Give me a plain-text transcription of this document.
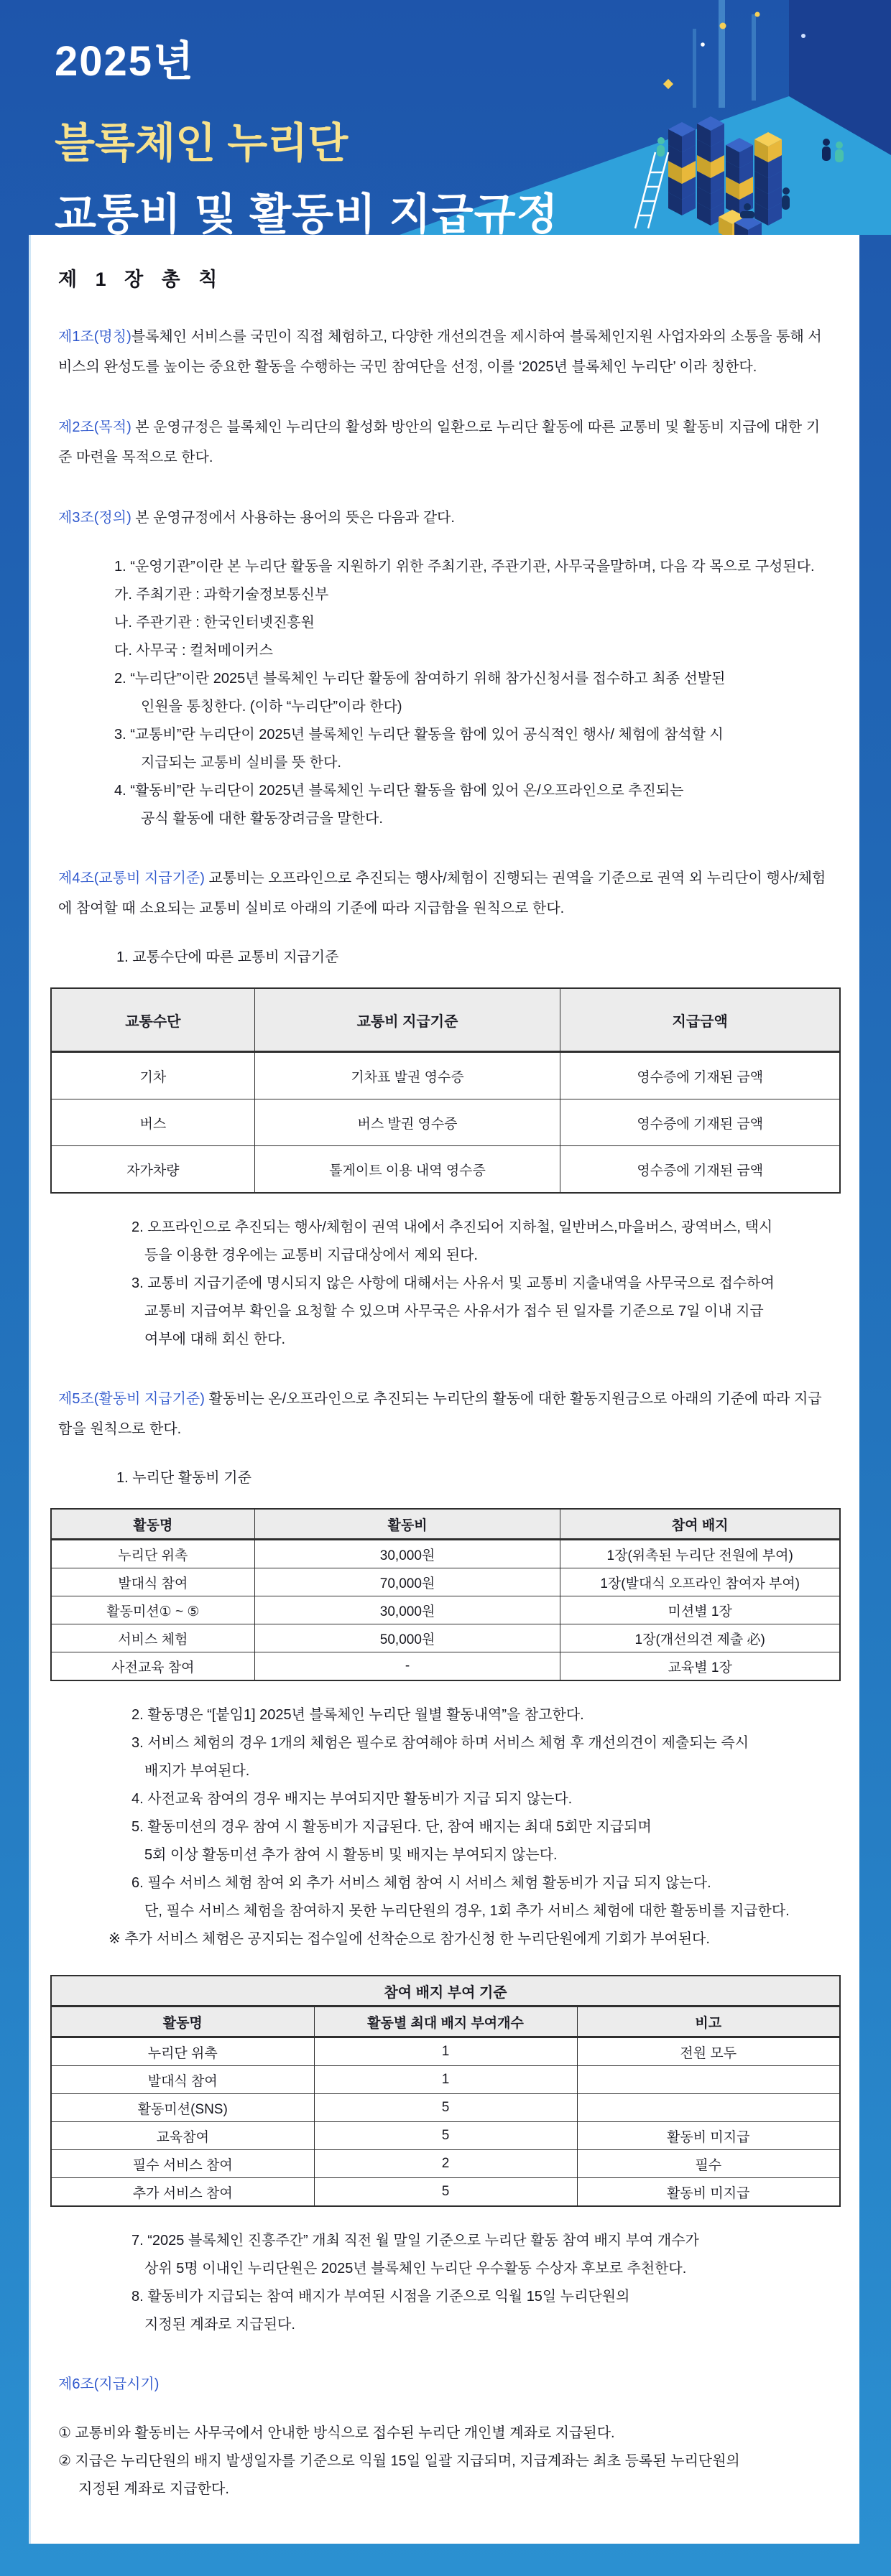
2025년
블록체인 누리단
교통비 및 활동비 지급규정
제 1 장 총 칙
제1조(명칭)블록체인 서비스를 국민이 직접 체험하고, 다양한 개선의견을 제시하여 블록체인지원 사업자와의 소통을 통해 서비스의 완성도를 높이는 중요한 활동을 수행하는 국민 참여단을 선정, 이를 ‘2025년 블록체인 누리단’ 이라 칭한다.
제2조(목적) 본 운영규정은 블록체인 누리단의 활성화 방안의 일환으로 누리단 활동에 따른 교통비 및 활동비 지급에 대한 기준 마련을 목적으로 한다.
제3조(정의) 본 운영규정에서 사용하는 용어의 뜻은 다음과 같다.
1. “운영기관”이란 본 누리단 활동을 지원하기 위한 주최기관, 주관기관, 사무국을말하며, 다음 각 목으로 구성된다.
가. 주최기관 : 과학기술정보통신부
나. 주관기관 : 한국인터넷진흥원
다. 사무국 : 컬처메이커스
2. “누리단”이란 2025년 블록체인 누리단 활동에 참여하기 위해 참가신청서를 접수하고 최종 선발된
인원을 통칭한다. (이하 “누리단”이라 한다)
3. “교통비”란 누리단이 2025년 블록체인 누리단 활동을 함에 있어 공식적인 행사/ 체험에 참석할 시
지급되는 교통비 실비를 뜻 한다.
4. “활동비”란 누리단이 2025년 블록체인 누리단 활동을 함에 있어 온/오프라인으로 추진되는
공식 활동에 대한 활동장려금을 말한다.
제4조(교통비 지급기준) 교통비는 오프라인으로 추진되는 행사/체험이 진행되는 권역을 기준으로 권역 외 누리단이 행사/체험에 참여할 때 소요되는 교통비 실비로 아래의 기준에 따라 지급함을 원칙으로 한다.
1. 교통수단에 따른 교통비 지급기준
교통수단	교통비 지급기준	지급금액
기차	기차표 발권 영수증	영수증에 기재된 금액
버스	버스 발권 영수증	영수증에 기재된 금액
자가차량	톨게이트 이용 내역 영수증	영수증에 기재된 금액
2. 오프라인으로 추진되는 행사/체험이 권역 내에서 추진되어 지하철, 일반버스,마을버스, 광역버스, 택시
등을 이용한 경우에는 교통비 지급대상에서 제외 된다.
3. 교통비 지급기준에 명시되지 않은 사항에 대해서는 사유서 및 교통비 지출내역을 사무국으로 접수하여
교통비 지급여부 확인을 요청할 수 있으며 사무국은 사유서가 접수 된 일자를 기준으로 7일 이내 지급
여부에 대해 회신 한다.
제5조(활동비 지급기준) 활동비는 온/오프라인으로 추진되는 누리단의 활동에 대한 활동지원금으로 아래의 기준에 따라 지급함을 원칙으로 한다.
1. 누리단 활동비 기준
활동명	활동비	참여 배지
누리단 위촉	30,000원	1장(위촉된 누리단 전원에 부여)
발대식 참여	70,000원	1장(발대식 오프라인 참여자 부여)
활동미션① ~ ⑤	30,000원	미션별 1장
서비스 체험	50,000원	1장(개선의견 제출 必)
사전교육 참여	-	교육별 1장
2. 활동명은 “[붙임1] 2025년 블록체인 누리단 월별 활동내역”을 참고한다.
3. 서비스 체험의 경우 1개의 체험은 필수로 참여해야 하며 서비스 체험 후 개선의견이 제출되는 즉시
배지가 부여된다.
4. 사전교육 참여의 경우 배지는 부여되지만 활동비가 지급 되지 않는다.
5. 활동미션의 경우 참여 시 활동비가 지급된다. 단, 참여 배지는 최대 5회만 지급되며
5회 이상 활동미션 추가 참여 시 활동비 및 배지는 부여되지 않는다.
6. 필수 서비스 체험 참여 외 추가 서비스 체험 참여 시 서비스 체험 활동비가 지급 되지 않는다.
단, 필수 서비스 체험을 참여하지 못한 누리단원의 경우, 1회 추가 서비스 체험에 대한 활동비를 지급한다.
※ 추가 서비스 체험은 공지되는 접수일에 선착순으로 참가신청 한 누리단원에게 기회가 부여된다.
참여 배지 부여 기준		
활동명	활동별 최대 배지 부여개수	비고
누리단 위촉	1	전원 모두
발대식 참여	1	
활동미션(SNS)	5	
교육참여	5	활동비 미지급
필수 서비스 참여	2	필수
추가 서비스 참여	5	활동비 미지급
7. “2025 블록체인 진흥주간” 개최 직전 월 말일 기준으로 누리단 활동 참여 배지 부여 개수가
상위 5명 이내인 누리단원은 2025년 블록체인 누리단 우수활동 수상자 후보로 추천한다.
8. 활동비가 지급되는 참여 배지가 부여된 시점을 기준으로 익월 15일 누리단원의
지정된 계좌로 지급된다.
제6조(지급시기)
① 교통비와 활동비는 사무국에서 안내한 방식으로 접수된 누리단 개인별 계좌로 지급된다.
② 지급은 누리단원의 배지 발생일자를 기준으로 익월 15일 일괄 지급되며, 지급계좌는 최초 등록된 누리단원의
지정된 계좌로 지급한다.
